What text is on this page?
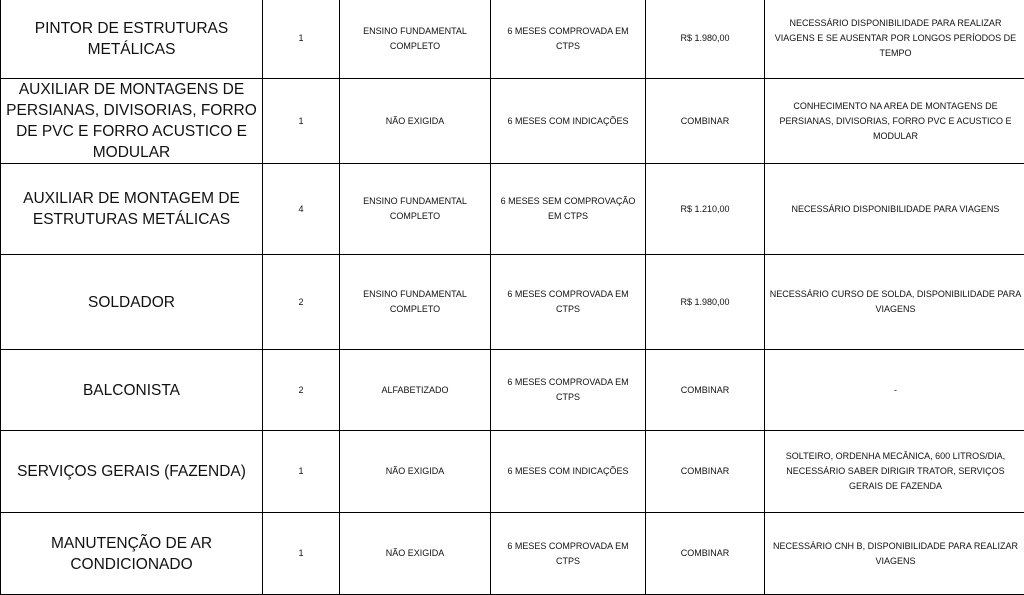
PINTOR DE ESTRUTURAS METÁLICAS	1	ENSINO FUNDAMENTAL COMPLETO	6 MESES COMPROVADA EM CTPS	R$ 1.980,00	NECESSÁRIO DISPONIBILIDADE PARA REALIZAR VIAGENS E SE AUSENTAR POR LONGOS PERÍODOS DE TEMPO
AUXILIAR DE MONTAGENS DE PERSIANAS, DIVISORIAS, FORRO DE PVC E FORRO ACUSTICO E MODULAR	1	NÃO EXIGIDA	6 MESES COM INDICAÇÕES	COMBINAR	CONHECIMENTO NA AREA DE MONTAGENS DE PERSIANAS, DIVISORIAS, FORRO PVC E ACUSTICO E MODULAR
AUXILIAR DE MONTAGEM DE ESTRUTURAS METÁLICAS	4	ENSINO FUNDAMENTAL COMPLETO	6 MESES SEM COMPROVAÇÃO EM CTPS	R$ 1.210,00	NECESSÁRIO DISPONIBILIDADE PARA VIAGENS
SOLDADOR	2	ENSINO FUNDAMENTAL COMPLETO	6 MESES COMPROVADA EM CTPS	R$ 1.980,00	NECESSÁRIO CURSO DE SOLDA, DISPONIBILIDADE PARA VIAGENS
BALCONISTA	2	ALFABETIZADO	6 MESES COMPROVADA EM CTPS	COMBINAR	-
SERVIÇOS GERAIS (FAZENDA)	1	NÃO EXIGIDA	6 MESES COM INDICAÇÕES	COMBINAR	SOLTEIRO, ORDENHA MECÂNICA, 600 LITROS/DIA, NECESSÁRIO SABER DIRIGIR TRATOR, SERVIÇOS GERAIS DE FAZENDA
MANUTENÇÃO DE AR CONDICIONADO	1	NÃO EXIGIDA	6 MESES COMPROVADA EM CTPS	COMBINAR	NECESSÁRIO CNH B, DISPONIBILIDADE PARA REALIZAR VIAGENS
